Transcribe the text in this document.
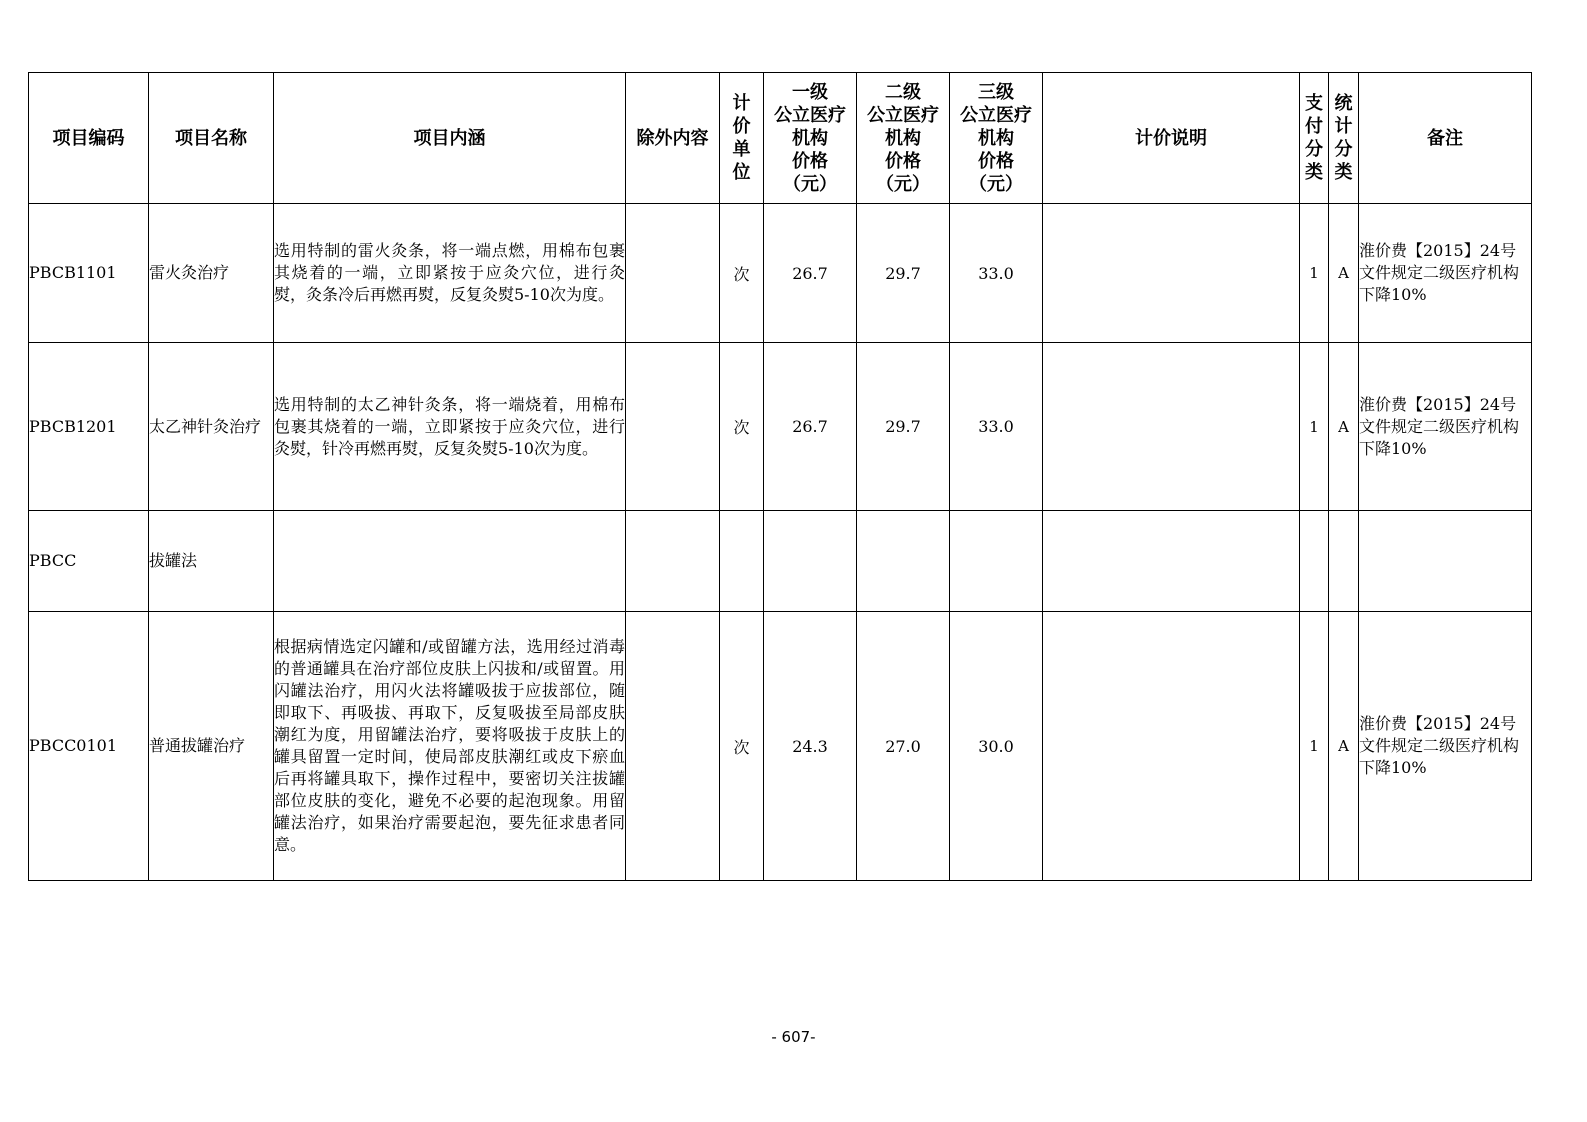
项目编码	项目名称	项目内涵	除外内容	计价单位	一级
公立医疗
机构
价格
（元）	二级
公立医疗
机构
价格
（元）	三级
公立医疗
机构
价格
（元）	计价说明	支付分类	统计分类	备注
PBCB1101	雷火灸治疗	选用特制的雷火灸条，将一端点燃，用棉布包裹其烧着的一端，立即紧按于应灸穴位，进行灸熨，灸条冷后再燃再熨，反复灸熨5-10次为度。		次	26.7	29.7	33.0		1	A	淮价费【2015】24号文件规定二级医疗机构下降10%
PBCB1201	太乙神针灸治疗	选用特制的太乙神针灸条，将一端烧着，用棉布包裹其烧着的一端，立即紧按于应灸穴位，进行灸熨，针冷再燃再熨，反复灸熨5-10次为度。		次	26.7	29.7	33.0		1	A	淮价费【2015】24号文件规定二级医疗机构下降10%
PBCC	拔罐法										
PBCC0101	普通拔罐治疗	根据病情选定闪罐和/或留罐方法，选用经过消毒的普通罐具在治疗部位皮肤上闪拔和/或留置。用闪罐法治疗，用闪火法将罐吸拔于应拔部位，随即取下、再吸拔、再取下，反复吸拔至局部皮肤潮红为度，用留罐法治疗，要将吸拔于皮肤上的罐具留置一定时间，使局部皮肤潮红或皮下瘀血后再将罐具取下，操作过程中，要密切关注拔罐部位皮肤的变化，避免不必要的起泡现象。用留罐法治疗，如果治疗需要起泡，要先征求患者同意。		次	24.3	27.0	30.0		1	A	淮价费【2015】24号文件规定二级医疗机构下降10%
- 607-
